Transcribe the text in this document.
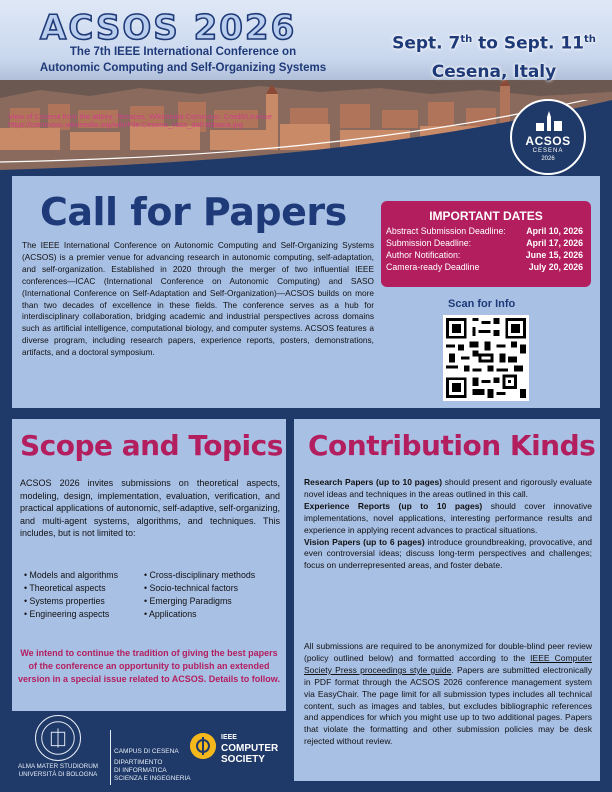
ACSOS 2026
The 7th IEEE International Conference on
Autonomic Computing and Self-Organizing Systems
Sept. 7th to Sept. 11th
Cesena, Italy
View of Cesena from the abbey. Terraces, Wikimedia Commons. Credit/License
https://commons.wikimedia.org/wiki/File:Cesena_vista_dall'abbazia.jpg
ACSOS
CESENA
2026
Call for Papers
The IEEE International Conference on Autonomic Computing and Self-Organizing Systems (ACSOS) is a premier venue for advancing research in autonomic computing, self-adaptation, and self-organization. Established in 2020 through the merger of two influential IEEE conferences—ICAC (International Conference on Autonomic Computing) and SASO (International Conference on Self-Adaptation and Self-Organization)—ACSOS builds on more than two decades of excellence in these fields. The conference serves as a hub for interdisciplinary collaboration, bridging academic and industrial perspectives across domains such as artificial intelligence, computational biology, and computer systems. ACSOS features a diverse program, including research papers, experience reports, posters, demonstrations, artifacts, and a doctoral symposium.
IMPORTANT DATES
Abstract Submission Deadline: April 10, 2026
Submission Deadline:	April 17, 2026
Author Notification:	June 15, 2026
Camera-ready Deadline	July 20, 2026
Scan for Info
Scope and Topics
ACSOS 2026 invites submissions on theoretical aspects, modeling, design, implementation, evaluation, verification, and practical applications of autonomic, self-adaptive, self-organizing, and multi-agent systems, algorithms, and techniques. This includes, but is not limited to:
• Models and algorithms	• Cross-disciplinary methods
• Theoretical aspects	• Socio-technical factors
• Systems properties	• Emerging Paradigms
• Engineering aspects	• Applications
We intend to continue the tradition of giving the best papers of the conference an opportunity to publish an extended version in a special issue related to ACSOS. Details to follow.
Contribution Kinds

Research Papers (up to 10 pages) should present and rigorously evaluate novel ideas and techniques in the areas outlined in this call.

Experience Reports (up to 10 pages) should cover innovative implementations, novel applications, interesting performance results and experience in applying recent advances to practical situations.

Vision Papers (up to 6 pages) introduce groundbreaking, provocative, and even controversial ideas; discuss long-term perspectives and challenges; focus on underrepresented areas, and foster debate.

All submissions are required to be anonymized for double-blind peer review (policy outlined below) and formatted according to the IEEE Computer Society Press proceedings style guide. Papers are submitted electronically in PDF format through the ACSOS 2026 conference management system via EasyChair. The page limit for all submission types includes all technical content, such as images and tables, but excludes bibliographic references and appendices for which you might use up to two additional pages. Papers that violate the formatting and other submission policies may be desk rejected without review.
ALMA MATER STUDIORUM
UNIVERSITÀ DI BOLOGNA
CAMPUS DI CESENA
DIPARTIMENTO
DI INFORMATICA
SCIENZA E INGEGNERIA
IEEE
COMPUTER
SOCIETY
